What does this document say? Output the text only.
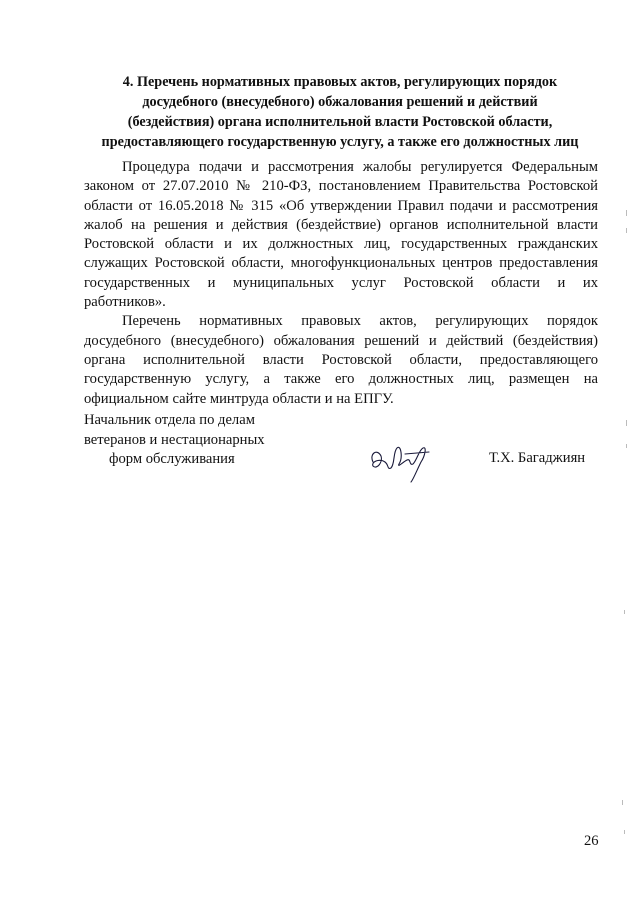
4. Перечень нормативных правовых актов, регулирующих порядок
досудебного (внесудебного) обжалования решений и действий
(бездействия) органа исполнительной власти Ростовской области,
предоставляющего государственную услугу, а также его должностных лиц

Процедура подачи и рассмотрения жалобы регулируется Федеральным
законом от 27.07.2010 № 210-ФЗ, постановлением Правительства Ростовской
области от 16.05.2018 № 315 «Об утверждении Правил подачи и рассмотрения
жалоб на решения и действия (бездействие) органов исполнительной власти
Ростовской области и их должностных лиц, государственных гражданских
служащих Ростовской области, многофункциональных центров предоставления
государственных и муниципальных услуг Ростовской области и их
работников».

Перечень нормативных правовых актов, регулирующих порядок
досудебного (внесудебного) обжалования решений и действий (бездействия)
органа исполнительной власти Ростовской области, предоставляющего
государственную услугу, а также его должностных лиц, размещен на
официальном сайте минтруда области и на ЕПГУ.

Начальник отдела по делам
ветеранов и нестационарных
форм обслуживания	Т.Х. Багаджиян
26
